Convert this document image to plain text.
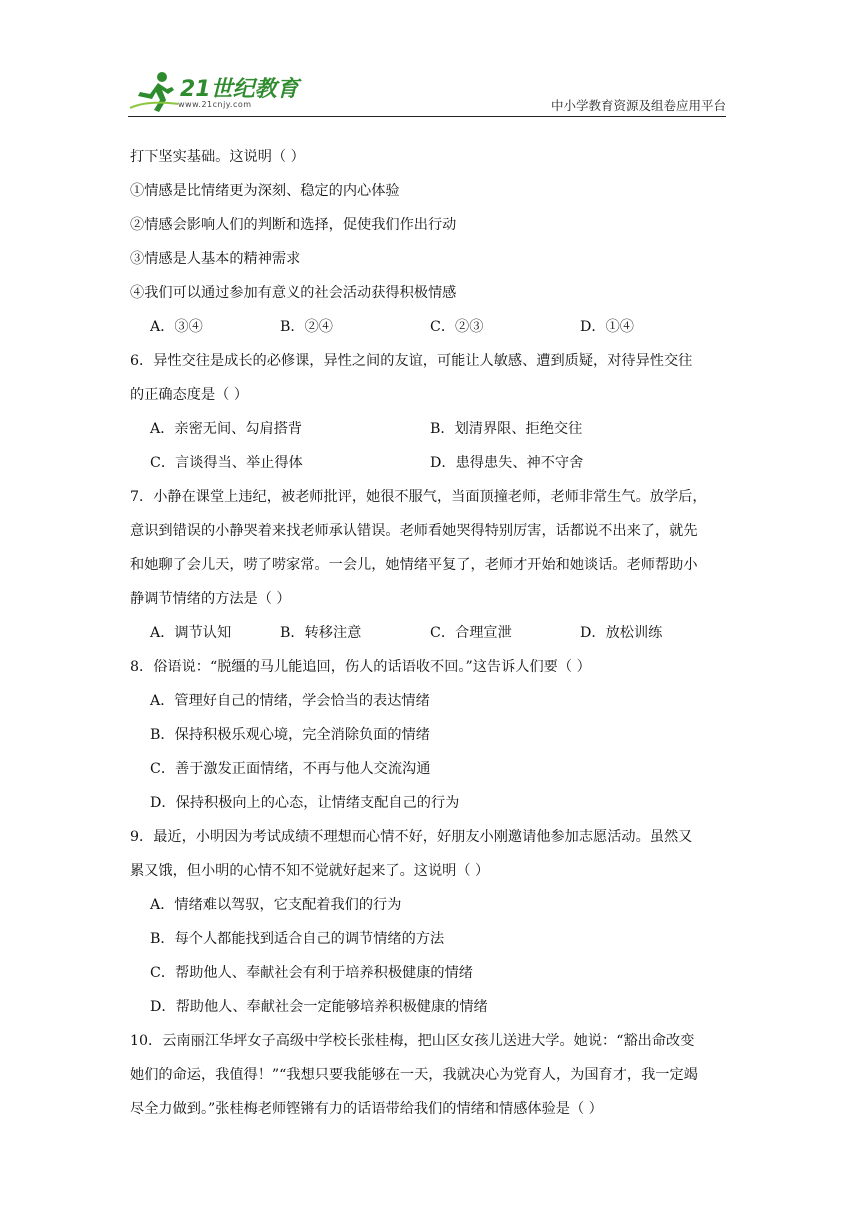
21世纪教育
www.21cnjy.com	中小学教育资源及组卷应用平台
打下坚实基础。这说明（ ）
①情感是比情绪更为深刻、稳定的内心体验
②情感会影响人们的判断和选择，促使我们作出行动
③情感是人基本的精神需求
④我们可以通过参加有意义的社会活动获得积极情感
A．③④	B．②④	C．②③	D．①④
6．异性交往是成长的必修课，异性之间的友谊，可能让人敏感、遭到质疑，对待异性交往
的正确态度是（ ）
A．亲密无间、勾肩搭背	B．划清界限、拒绝交往
C．言谈得当、举止得体	D．患得患失、神不守舍
7．小静在课堂上违纪，被老师批评，她很不服气，当面顶撞老师，老师非常生气。放学后，
意识到错误的小静哭着来找老师承认错误。老师看她哭得特别厉害，话都说不出来了，就先
和她聊了会儿天，唠了唠家常。一会儿，她情绪平复了，老师才开始和她谈话。老师帮助小
静调节情绪的方法是（ ）
A．调节认知	B．转移注意	C．合理宣泄	D．放松训练
8．俗语说：“脱缰的马儿能追回，伤人的话语收不回。”这告诉人们要（ ）
A．管理好自己的情绪，学会恰当的表达情绪
B．保持积极乐观心境，完全消除负面的情绪
C．善于激发正面情绪，不再与他人交流沟通
D．保持积极向上的心态，让情绪支配自己的行为
9．最近，小明因为考试成绩不理想而心情不好，好朋友小刚邀请他参加志愿活动。虽然又
累又饿，但小明的心情不知不觉就好起来了。这说明（ ）
A．情绪难以驾驭，它支配着我们的行为
B．每个人都能找到适合自己的调节情绪的方法
C．帮助他人、奉献社会有利于培养积极健康的情绪
D．帮助他人、奉献社会一定能够培养积极健康的情绪
10．云南丽江华坪女子高级中学校长张桂梅，把山区女孩儿送进大学。她说：“豁出命改变
她们的命运，我值得！”“我想只要我能够在一天，我就决心为党育人，为国育才，我一定竭
尽全力做到。”张桂梅老师铿锵有力的话语带给我们的情绪和情感体验是（ ）
